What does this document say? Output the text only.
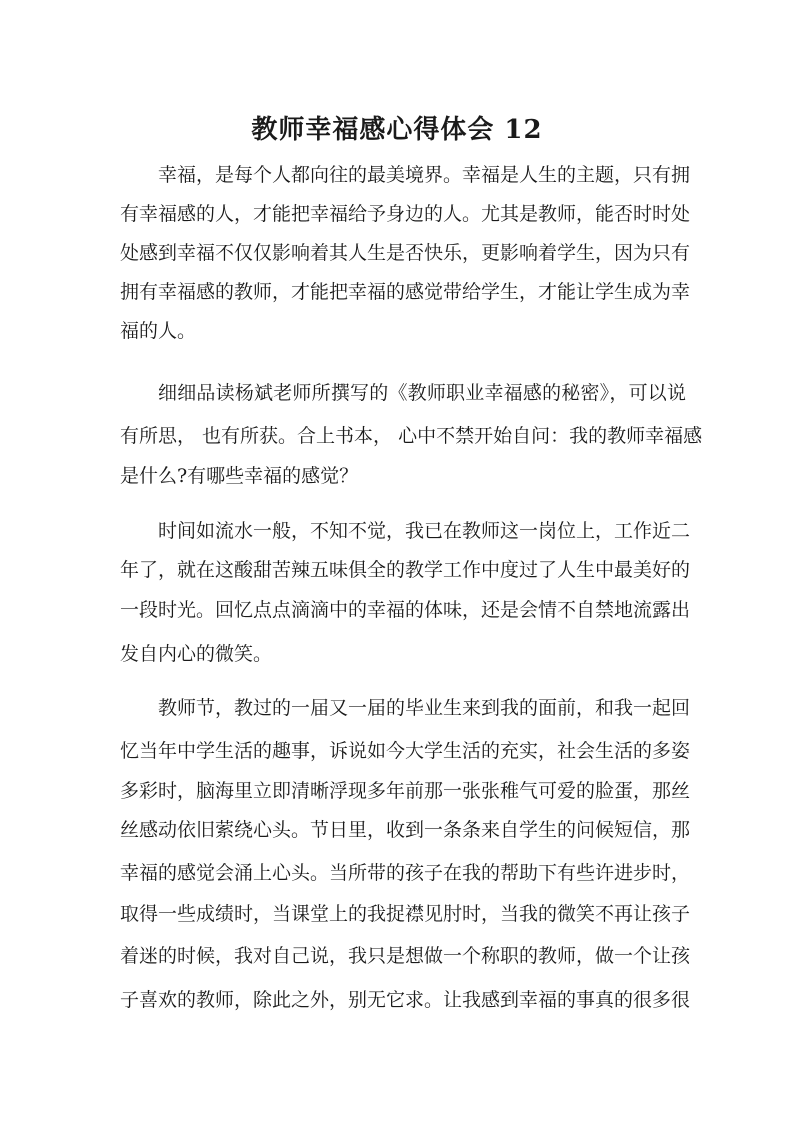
教师幸福感心得体会 12
幸福，是每个人都向往的最美境界。幸福是人生的主题，只有拥
有幸福感的人，才能把幸福给予身边的人。尤其是教师，能否时时处
处感到幸福不仅仅影响着其人生是否快乐，更影响着学生，因为只有
拥有幸福感的教师，才能把幸福的感觉带给学生，才能让学生成为幸
福的人。
细细品读杨斌老师所撰写的《教师职业幸福感的秘密》，可以说
有所思， 也有所获。合上书本， 心中不禁开始自问：我的教师幸福感
是什么?有哪些幸福的感觉？
时间如流水一般，不知不觉，我已在教师这一岗位上，工作近二
年了，就在这酸甜苦辣五味俱全的教学工作中度过了人生中最美好的
一段时光。回忆点点滴滴中的幸福的体味，还是会情不自禁地流露出
发自内心的微笑。
教师节，教过的一届又一届的毕业生来到我的面前，和我一起回
忆当年中学生活的趣事，诉说如今大学生活的充实，社会生活的多姿
多彩时，脑海里立即清晰浮现多年前那一张张稚气可爱的脸蛋，那丝
丝感动依旧萦绕心头。节日里，收到一条条来自学生的问候短信，那
幸福的感觉会涌上心头。当所带的孩子在我的帮助下有些许进步时，
取得一些成绩时，当课堂上的我捉襟见肘时，当我的微笑不再让孩子
着迷的时候，我对自己说，我只是想做一个称职的教师，做一个让孩
子喜欢的教师，除此之外，别无它求。让我感到幸福的事真的很多很
